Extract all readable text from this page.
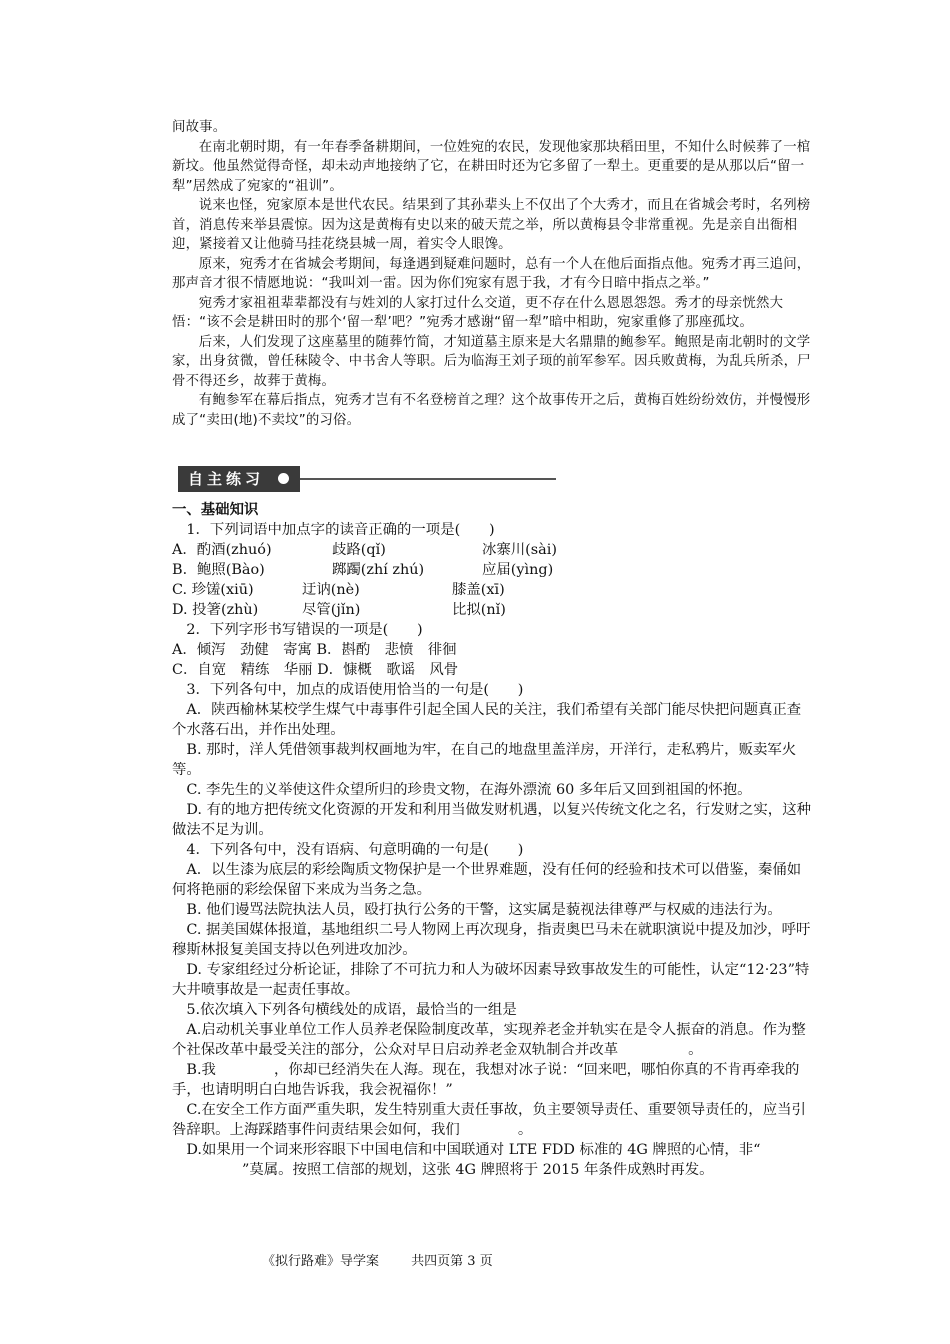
间故事。

在南北朝时期，有一年春季备耕期间，一位姓宛的农民，发现他家那块稻田里，不知什么时候葬了一棺新坟。他虽然觉得奇怪，却未动声地接纳了它，在耕田时还为它多留了一犁土。更重要的是从那以后“留一犁”居然成了宛家的“祖训”。

说来也怪，宛家原本是世代农民。结果到了其孙辈头上不仅出了个大秀才，而且在省城会考时，名列榜首，消息传来举县震惊。因为这是黄梅有史以来的破天荒之举，所以黄梅县令非常重视。先是亲自出衙相迎，紧接着又让他骑马挂花绕县城一周，着实令人眼馋。

原来，宛秀才在省城会考期间，每逢遇到疑难问题时，总有一个人在他后面指点他。宛秀才再三追问，那声音才很不情愿地说：“我叫刘一雷。因为你们宛家有恩于我，才有今日暗中指点之举。”

宛秀才家祖祖辈辈都没有与姓刘的人家打过什么交道，更不存在什么恩恩怨怨。秀才的母亲恍然大悟：“该不会是耕田时的那个‘留一犁’吧？”宛秀才感谢“留一犁”暗中相助，宛家重修了那座孤坟。

后来，人们发现了这座墓里的随葬竹简，才知道墓主原来是大名鼎鼎的鲍参军。鲍照是南北朝时的文学家，出身贫微，曾任秣陵令、中书舍人等职。后为临海王刘子顼的前军参军。因兵败黄梅，为乱兵所杀，尸骨不得还乡，故葬于黄梅。

有鲍参军在幕后指点，宛秀才岂有不名登榜首之理？这个故事传开之后，黄梅百姓纷纷效仿，并慢慢形成了“卖田(地)不卖坟”的习俗。

自主练习

一、基础知识

1．下列词语中加点字的读音正确的一项是(　　)

A．酌酒(zhuó)	歧路(qǐ)	冰寨川(sài)
B．鲍照(Bào)	踯躅(zhí zhú)	应届(yìng)
C. 珍馐(xiū)	迂讷(nè)	膝盖(xī)
D. 投箸(zhù)	尽管(jǐn)	比拟(nǐ)

2．下列字形书写错误的一项是(　　)

A．倾泻　劲健　寄寓 B．斟酌　悲愤　徘徊

C．自宽　精练　华丽 D．慷概　歌谣　风骨

3．下列各句中，加点的成语使用恰当的一句是(　　)

A．陕西榆林某校学生煤气中毒事件引起全国人民的关注，我们希望有关部门能尽快把问题真正查个水落石出，并作出处理。

B. 那时，洋人凭借领事裁判权画地为牢，在自己的地盘里盖洋房，开洋行，走私鸦片，贩卖军火等。

C. 李先生的义举使这件众望所归的珍贵文物，在海外漂流 60 多年后又回到祖国的怀抱。

D. 有的地方把传统文化资源的开发和利用当做发财机遇，以复兴传统文化之名，行发财之实，这种做法不足为训。

4．下列各句中，没有语病、句意明确的一句是(　　)

A．以生漆为底层的彩绘陶质文物保护是一个世界难题，没有任何的经验和技术可以借鉴，秦俑如何将艳丽的彩绘保留下来成为当务之急。

B. 他们谩骂法院执法人员，殴打执行公务的干警，这实属是藐视法律尊严与权威的违法行为。

C. 据美国媒体报道，基地组织二号人物网上再次现身，指责奥巴马未在就职演说中提及加沙，呼吁穆斯林报复美国支持以色列进攻加沙。

D. 专家组经过分析论证，排除了不可抗力和人为破坏因素导致事故发生的可能性，认定“12·23”特大井喷事故是一起责任事故。

5.依次填入下列各句横线处的成语，最恰当的一组是

A.启动机关事业单位工作人员养老保险制度改革，实现养老金并轨实在是令人振奋的消息。作为整个社保改革中最受关注的部分，公众对早日启动养老金双轨制合并改革	。

B.我	，你却已经消失在人海。现在，我想对冰子说：“回来吧，哪怕你真的不肯再牵我的手，也请明明白白地告诉我，我会祝福你！”

C.在安全工作方面严重失职，发生特别重大责任事故，负主要领导责任、重要领导责任的，应当引咎辞职。上海踩踏事件问责结果会如何，我们	。

D.如果用一个词来形容眼下中国电信和中国联通对 LTE FDD 标准的 4G 牌照的心情，非“”莫属。按照工信部的规划，这张 4G 牌照将于 2015 年条件成熟时再发。

《拟行路难》导学案 共四页第 3 页
